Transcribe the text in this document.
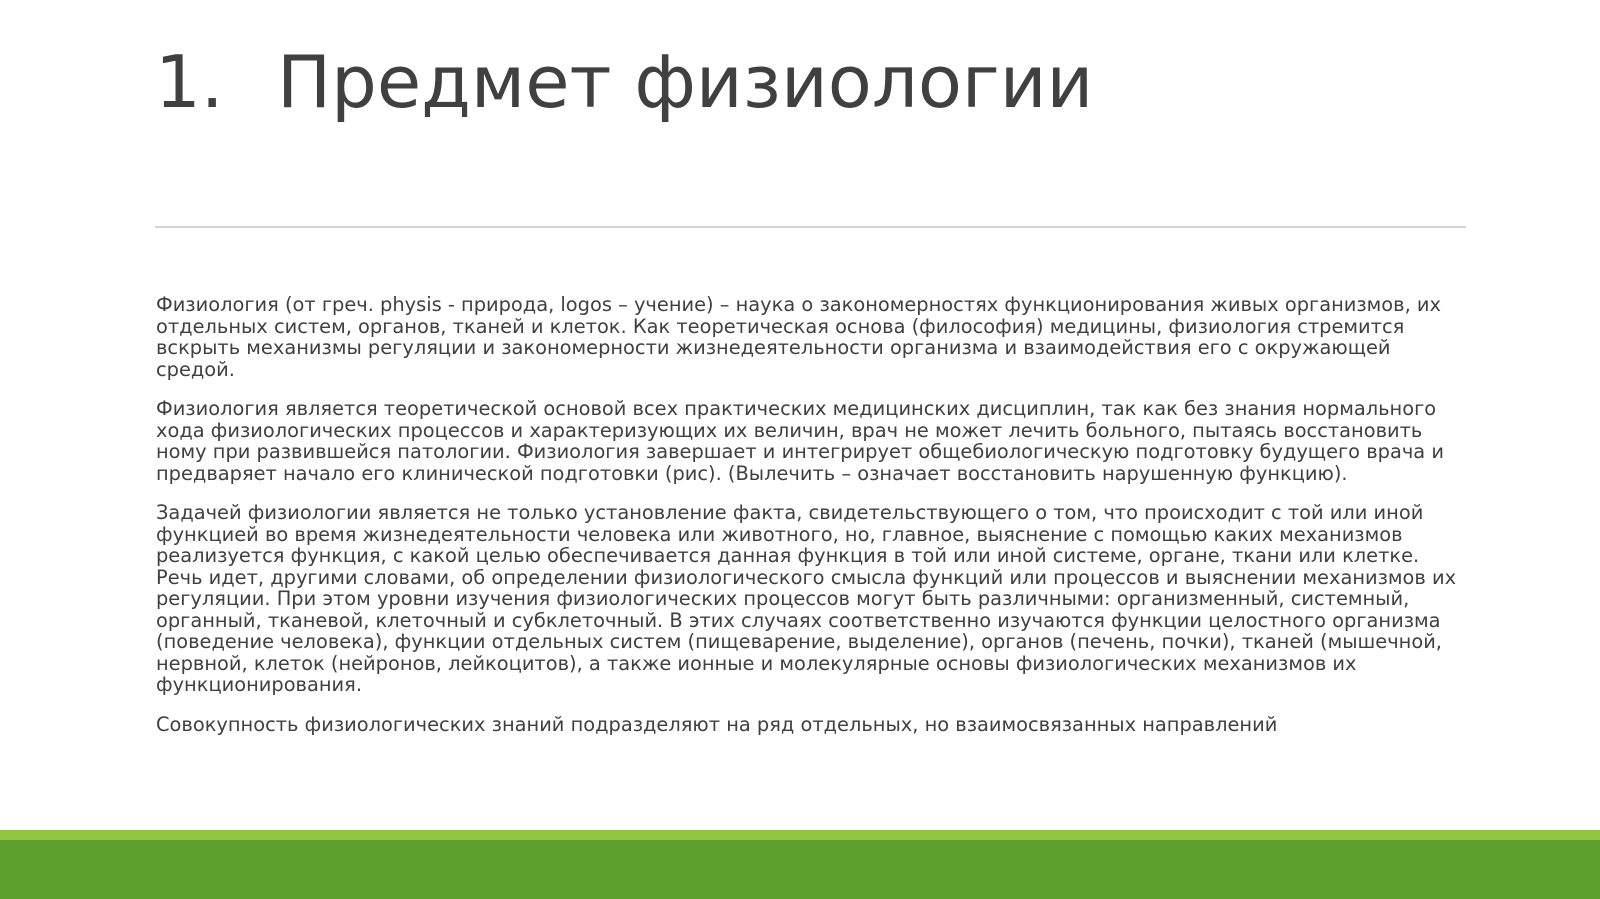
1. Предмет физиологии

Физиология (от греч. physis - природа, logos – учение) – наука о закономерностях функционирования живых организмов, их отдельных систем, органов, тканей и клеток. Как теоретическая основа (философия) медицины, физиология стремится вскрыть механизмы регуляции и закономерности жизнедеятельности организма и взаимодействия его с окружающей средой.

Физиология является теоретической основой всех практических медицинских дисциплин, так как без знания нормального хода физиологических процессов и характеризующих их величин, врач не может лечить больного, пытаясь восстановить ному при развившейся патологии. Физиология завершает и интегрирует общебиологическую подготовку будущего врача и предваряет начало его клинической подготовки (рис). (Вылечить – означает восстановить нарушенную функцию).

Задачей физиологии является не только установление факта, свидетельствующего о том, что происходит с той или иной функцией во время жизнедеятельности человека или животного, но, главное, выяснение с помощью каких механизмов реализуется функция, с какой целью обеспечивается данная функция в той или иной системе, органе, ткани или клетке. Речь идет, другими словами, об определении физиологического смысла функций или процессов и выяснении механизмов их регуляции. При этом уровни изучения физиологических процессов могут быть различными: организменный, системный, органный, тканевой, клеточный и субклеточный. В этих случаях соответственно изучаются функции целостного организма (поведение человека), функции отдельных систем (пищеварение, выделение), органов (печень, почки), тканей (мышечной, нервной, клеток (нейронов, лейкоцитов), а также ионные и молекулярные основы физиологических механизмов их функционирования.

Совокупность физиологических знаний подразделяют на ряд отдельных, но взаимосвязанных направлений
